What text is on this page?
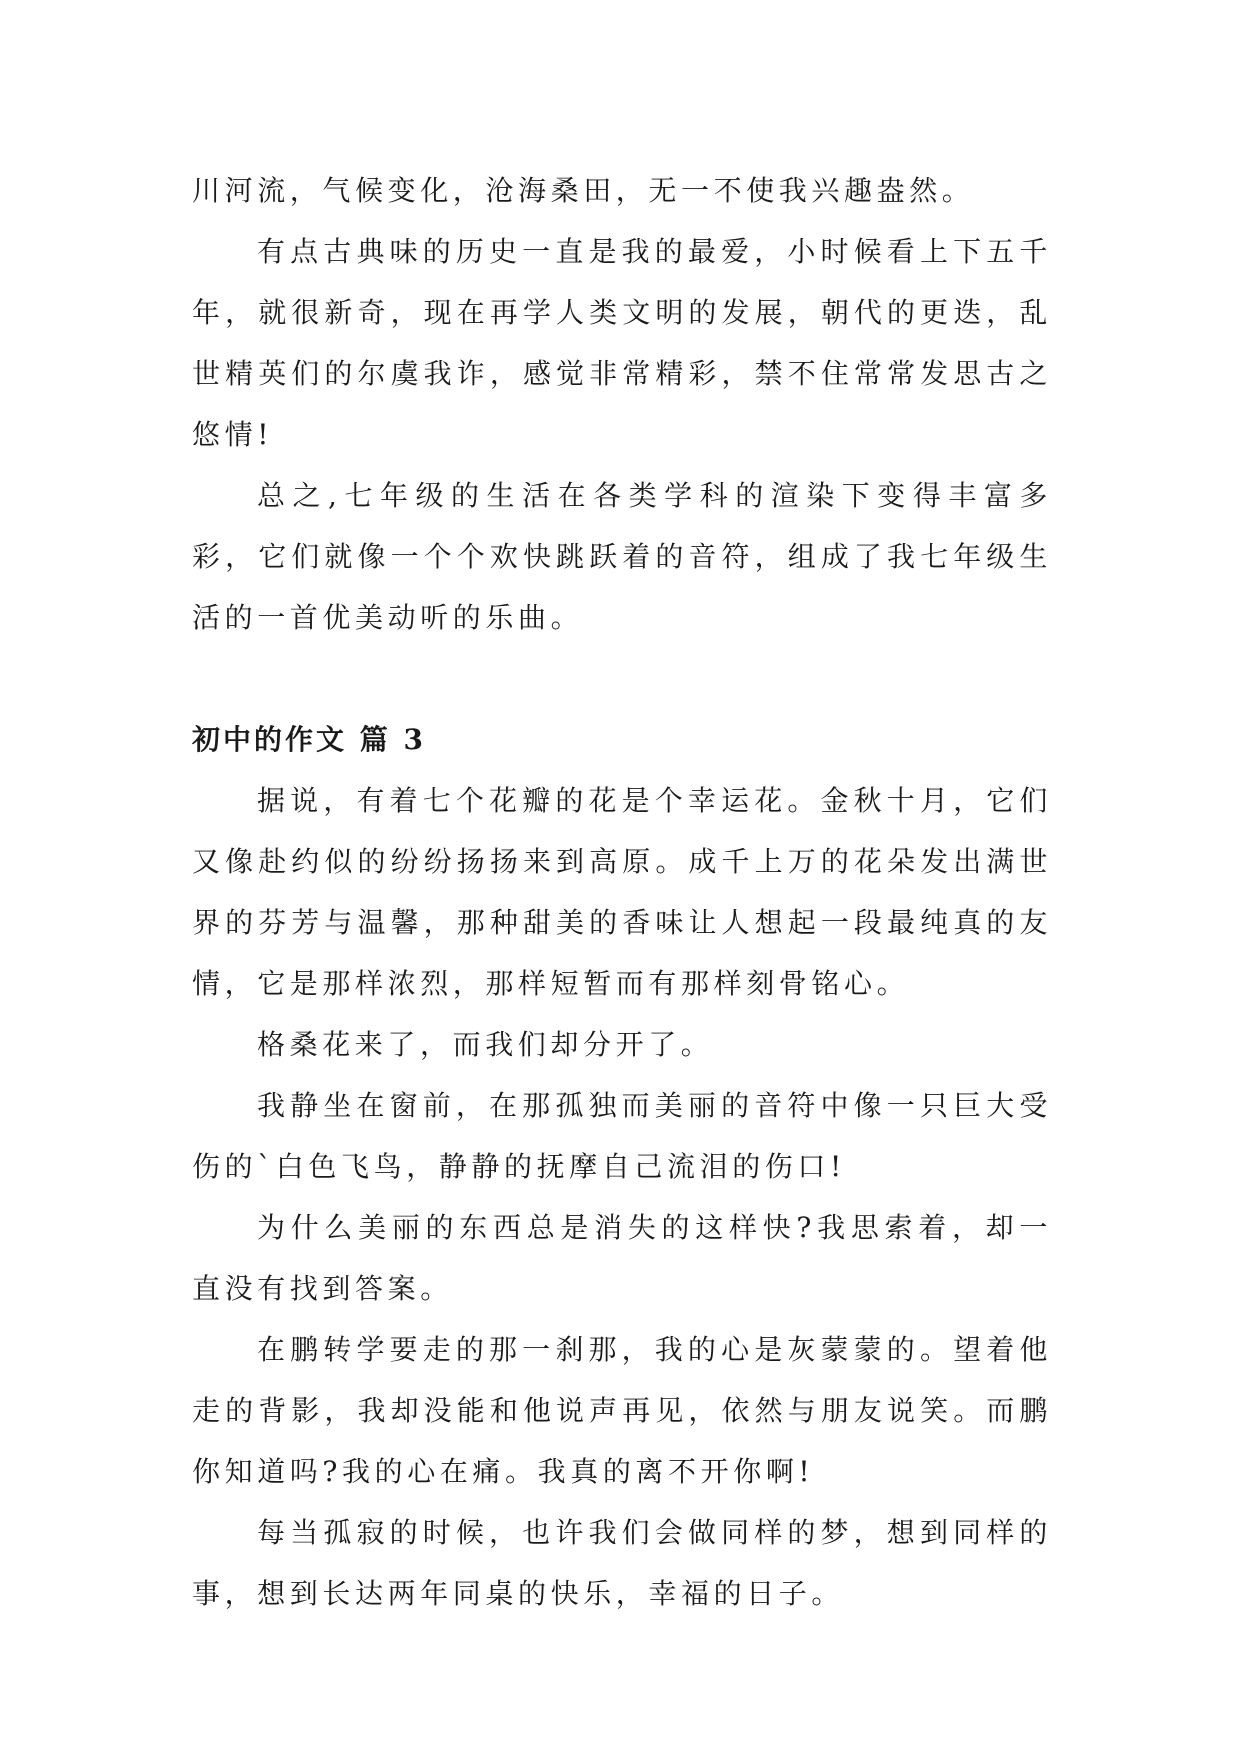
川河流，气候变化，沧海桑田，无一不使我兴趣盎然。

有点古典味的历史一直是我的最爱，小时候看上下五千年，就很新奇，现在再学人类文明的发展，朝代的更迭，乱世精英们的尔虞我诈，感觉非常精彩，禁不住常常发思古之悠情!

总之,七年级的生活在各类学科的渲染下变得丰富多彩，它们就像一个个欢快跳跃着的音符，组成了我七年级生活的一首优美动听的乐曲。

初中的作文 篇 3

据说，有着七个花瓣的花是个幸运花。金秋十月，它们又像赴约似的纷纷扬扬来到高原。成千上万的花朵发出满世界的芬芳与温馨，那种甜美的香味让人想起一段最纯真的友情，它是那样浓烈，那样短暂而有那样刻骨铭心。

格桑花来了，而我们却分开了。

我静坐在窗前，在那孤独而美丽的音符中像一只巨大受伤的`白色飞鸟，静静的抚摩自己流泪的伤口!

为什么美丽的东西总是消失的这样快?我思索着，却一直没有找到答案。

在鹏转学要走的那一刹那，我的心是灰蒙蒙的。望着他走的背影，我却没能和他说声再见，依然与朋友说笑。而鹏你知道吗?我的心在痛。我真的离不开你啊!

每当孤寂的时候，也许我们会做同样的梦，想到同样的事，想到长达两年同桌的快乐，幸福的日子。
